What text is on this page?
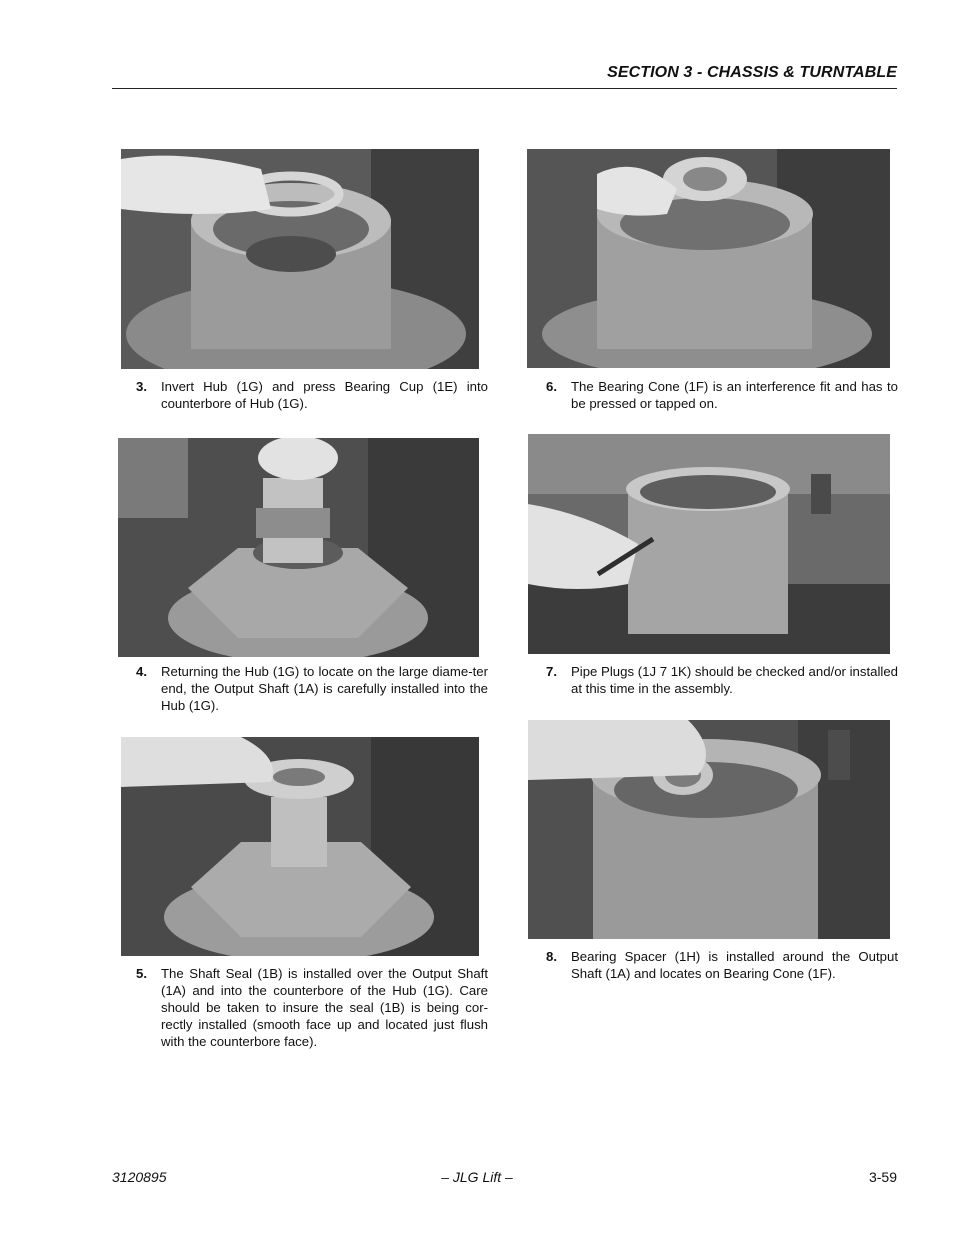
SECTION 3 - CHASSIS & TURNTABLE
3. Invert Hub (1G) and press Bearing Cup (1E) into counterbore of Hub (1G).
4. Returning the Hub (1G) to locate on the large diame-ter end, the Output Shaft (1A) is carefully installed into the Hub (1G).
5. The Shaft Seal (1B) is installed over the Output Shaft (1A) and into the counterbore of the Hub (1G). Care should be taken to insure the seal (1B) is being cor-rectly installed (smooth face up and located just flush with the counterbore face).
6. The Bearing Cone (1F) is an interference fit and has to be pressed or tapped on.
7. Pipe Plugs (1J 7 1K) should be checked and/or installed at this time in the assembly.
8. Bearing Spacer (1H) is installed around the Output Shaft (1A) and locates on Bearing Cone (1F).
3120895	– JLG Lift –	3-59
